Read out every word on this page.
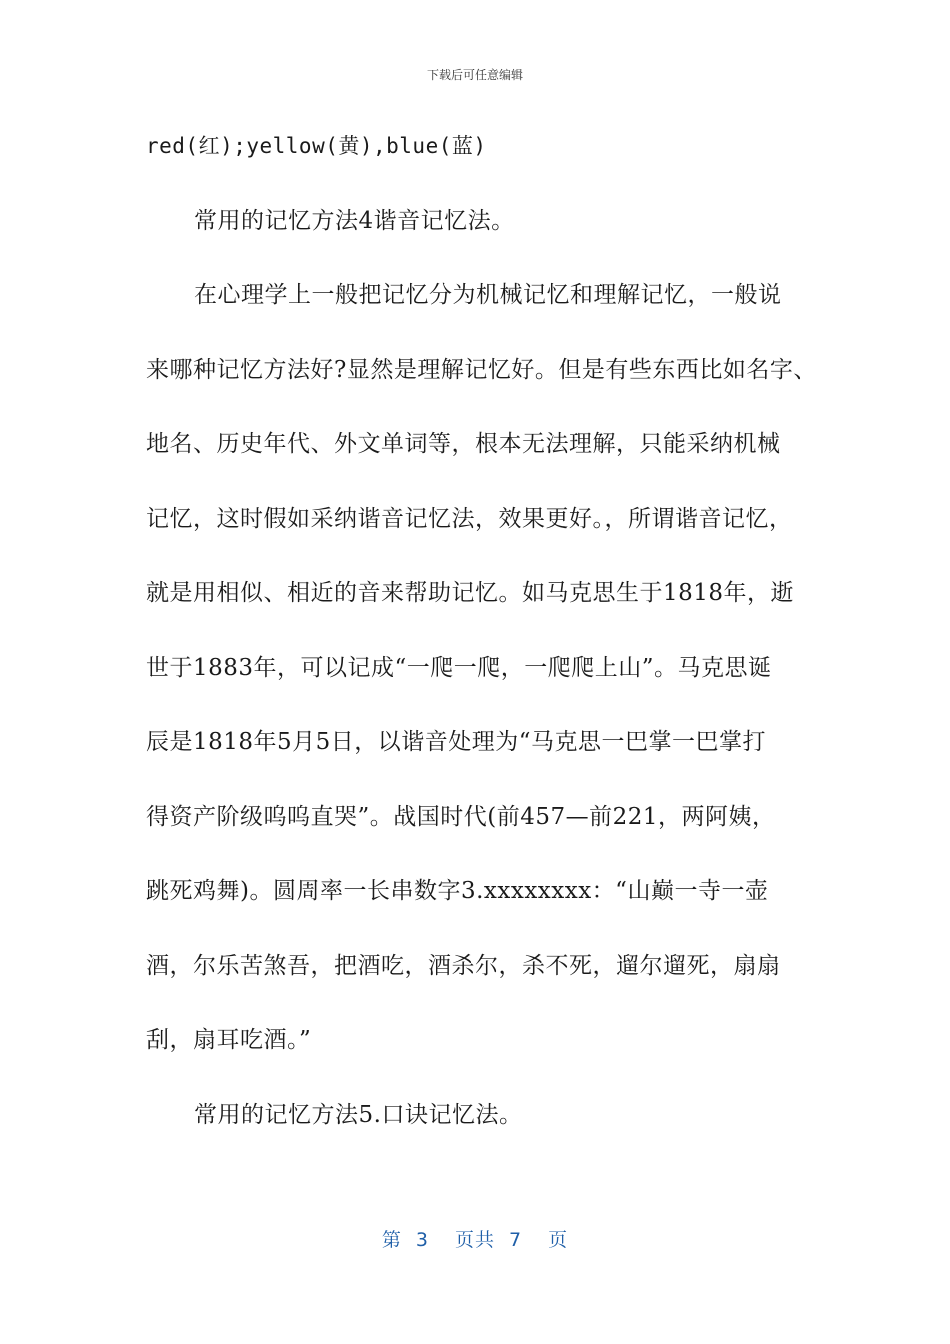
下载后可任意编辑
red(红);yellow(黄),blue(蓝)
常用的记忆方法4谐音记忆法。
在心理学上一般把记忆分为机械记忆和理解记忆，一般说
来哪种记忆方法好?显然是理解记忆好。但是有些东西比如名字、
地名、历史年代、外文单词等，根本无法理解，只能采纳机械
记忆，这时假如采纳谐音记忆法，效果更好。，所谓谐音记忆，
就是用相似、相近的音来帮助记忆。如马克思生于1818年，逝
世于1883年，可以记成“一爬一爬，一爬爬上山”。马克思诞
辰是1818年5月5日，以谐音处理为“马克思一巴掌一巴掌打
得资产阶级呜呜直哭”。战国时代(前457—前221，两阿姨，
跳死鸡舞)。圆周率一长串数字3.xxxxxxxx：“山巅一寺一壶
酒，尔乐苦煞吾，把酒吃，酒杀尔，杀不死，遛尔遛死，扇扇
刮，扇耳吃酒。”
常用的记忆方法5.口诀记忆法。
第 3 页共 7 页
